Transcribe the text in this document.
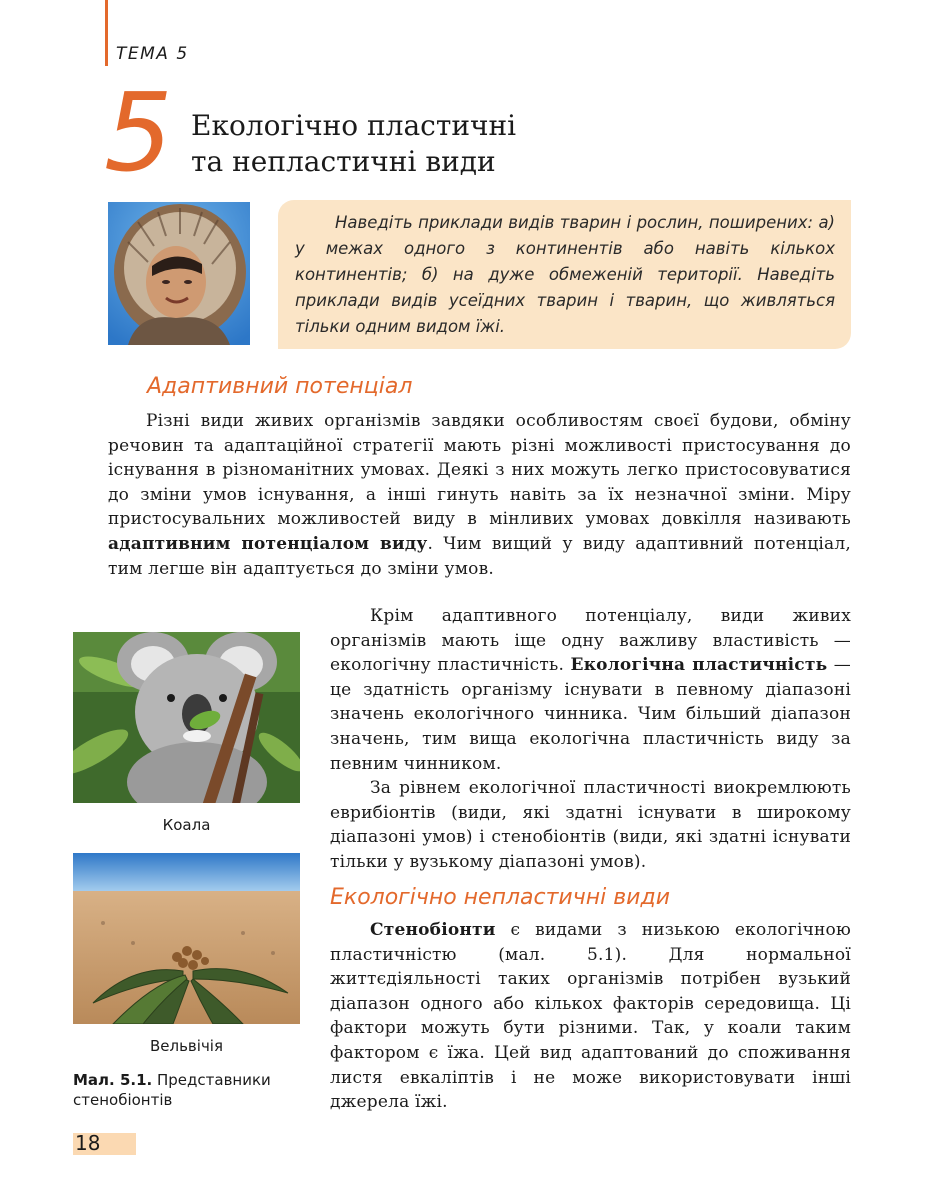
ТЕМА 5
5 Екологічно пластичні
та непластичні види

Наведіть приклади видів тварин і рослин, поширених: а) у межах одного з континентів або навіть кількох континентів; б) на дуже обмеженій території. Наведіть приклади видів усеїдних тварин і тварин, що живляться тільки одним видом їжі.

Адаптивний потенціал

Різні види живих організмів завдяки особливостям своєї будови, обміну речовин та адаптаційної стратегії мають різні можливості пристосування до існування в різноманітних умовах. Деякі з них можуть легко пристосовуватися до зміни умов існування, а інші гинуть навіть за їх незначної зміни. Міру пристосувальних можливостей виду в мінливих умовах довкілля називають адаптивним потенціалом виду. Чим вищий у виду адаптивний потенціал, тим легше він адаптується до зміни умов.

Коала
Вельвічія
Мал. 5.1. Представники стенобіонтів

Крім адаптивного потенціалу, види живих організмів мають іще одну важливу властивість — екологічну пластичність. Екологічна пластичність — це здатність організму існувати в певному діапазоні значень екологічного чинника. Чим більший діапазон значень, тим вища екологічна пластичність виду за певним чинником.

За рівнем екологічної пластичності виокремлюють еврибіонтів (види, які здатні існувати в широкому діапазоні умов) і стенобіонтів (види, які здатні існувати тільки у вузькому діапазоні умов).

Екологічно непластичні види

Стенобіонти є видами з низькою екологічною пластичністю (мал. 5.1). Для нормальної життєдіяльності таких організмів потрібен вузький діапазон одного або кількох факторів середовища. Ці фактори можуть бути різними. Так, у коали таким фактором є їжа. Цей вид адаптований до споживання листя евкаліптів і не може використовувати інші джерела їжі.

18
